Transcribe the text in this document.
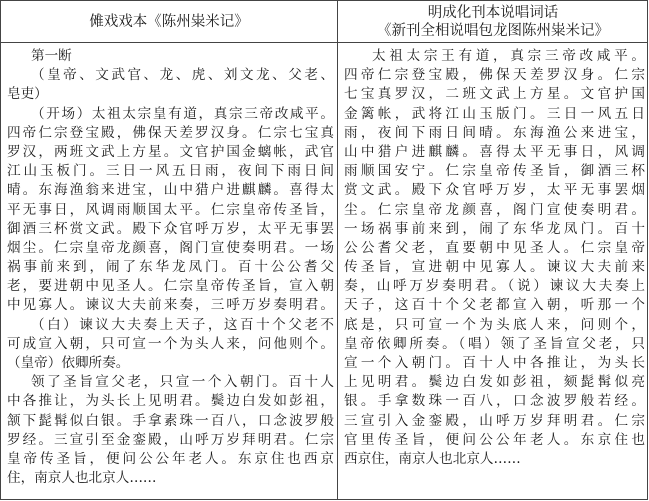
傩戏戏本《陈州粜米记》
明成化刊本说唱词话
《新刊全相说唱包龙图陈州粜米记》
第一断
（皇帝、文武官、龙、虎、刘文龙、父老、
皂吏）
（开场）太祖太宗皇有道，真宗三帝改咸平。
四帝仁宗登宝殿，佛保天差罗汉身。仁宗七宝真
罗汉，两班文武上方星。文官护国金螭帐，武官
江山玉板门。三日一风五日雨，夜间下雨日间
晴。东海渔翁来进宝，山中猎户进麒麟。喜得太
平无事日，风调雨顺国太平。仁宗皇帝传圣旨，
御酒三杯赏文武。殿下众官呼万岁，太平无事罢
烟尘。仁宗皇帝龙颜喜，阁门宣使奏明君。一场
祸事前来到，闹了东华龙凤门。百十公公耆父
老，要进朝中见圣人。仁宗皇帝传圣旨，宣入朝
中见寡人。谏议大夫前来奏，三呼万岁奏明君。
（白）谏议大夫奏上天子，这百十个父老不
可成宣入朝，只可宣一个为头人来，问他则个。
（皇帝）依卿所奏。
领了圣旨宣父老，只宣一个入朝门。百十人
中各推让，为头长上见明君。鬓边白发如彭祖，
颔下髭髯似白银。手拿素珠一百八，口念波罗般
罗经。三宣引至金銮殿，山呼万岁拜明君。仁宗
皇帝传圣旨，便问公公年老人。东京住也西京
住，南京人也北京人……
太祖太宗王有道，真宗三帝改咸平。
四帝仁宗登宝殿，佛保天差罗汉身。仁宗
七宝真罗汉，二班文武上方星。文官护国
金篱帐，武将江山玉版门。三日一风五日
雨，夜间下雨日间晴。东海渔公来进宝，
山中猎户进麒麟。喜得太平无事日，风调
雨顺国安宁。仁宗皇帝传圣旨，御酒三杯
赏文武。殿下众官呼万岁，太平无事罢烟
尘。仁宗皇帝龙颜喜，阁门宣使奏明君。
一场祸事前来到，闹了东华龙凤门。百十
公公耆父老，直要朝中见圣人。仁宗皇帝
传圣旨，宣进朝中见寡人。谏议大夫前来
奏，山呼万岁奏明君。（说）谏议大夫奏上
天子，这百十个父老都宣入朝，听那一个
底是，只可宣一个为头底人来，问则个，
皇帝依卿所奏。（唱）领了圣旨宣父老，只
宣一个入朝门。百十人中各推让，为头长
上见明君。鬓边白发如彭祖，颏髭髯似亮
银。手拿数珠一百八，口念波罗般若经。
三宣引入金銮殿，山呼万岁拜明君。仁宗
官里传圣旨，便问公公年老人。东京住也
西京住，南京人也北京人……
